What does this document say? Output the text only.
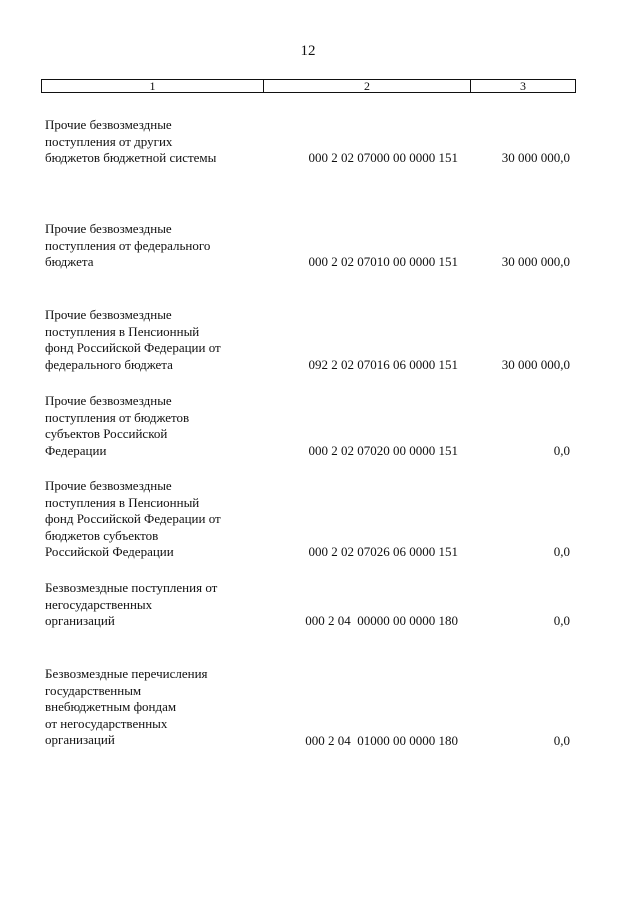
12
1	2	3
Прочие безвозмездные
поступления от других
бюджетов бюджетной системы	000 2 02 07000 00 0000 151	30 000 000,0
Прочие безвозмездные
поступления от федерального
бюджета	000 2 02 07010 00 0000 151	30 000 000,0
Прочие безвозмездные
поступления в Пенсионный
фонд Российской Федерации от
федерального бюджета	092 2 02 07016 06 0000 151	30 000 000,0
Прочие безвозмездные
поступления от бюджетов
субъектов Российской
Федерации	000 2 02 07020 00 0000 151	0,0
Прочие безвозмездные
поступления в Пенсионный
фонд Российской Федерации от
бюджетов субъектов
Российской Федерации	000 2 02 07026 06 0000 151	0,0
Безвозмездные поступления от
негосударственных
организаций	000 2 04  00000 00 0000 180	0,0
Безвозмездные перечисления
государственным
внебюджетным фондам
от негосударственных
организаций	000 2 04  01000 00 0000 180	0,0
